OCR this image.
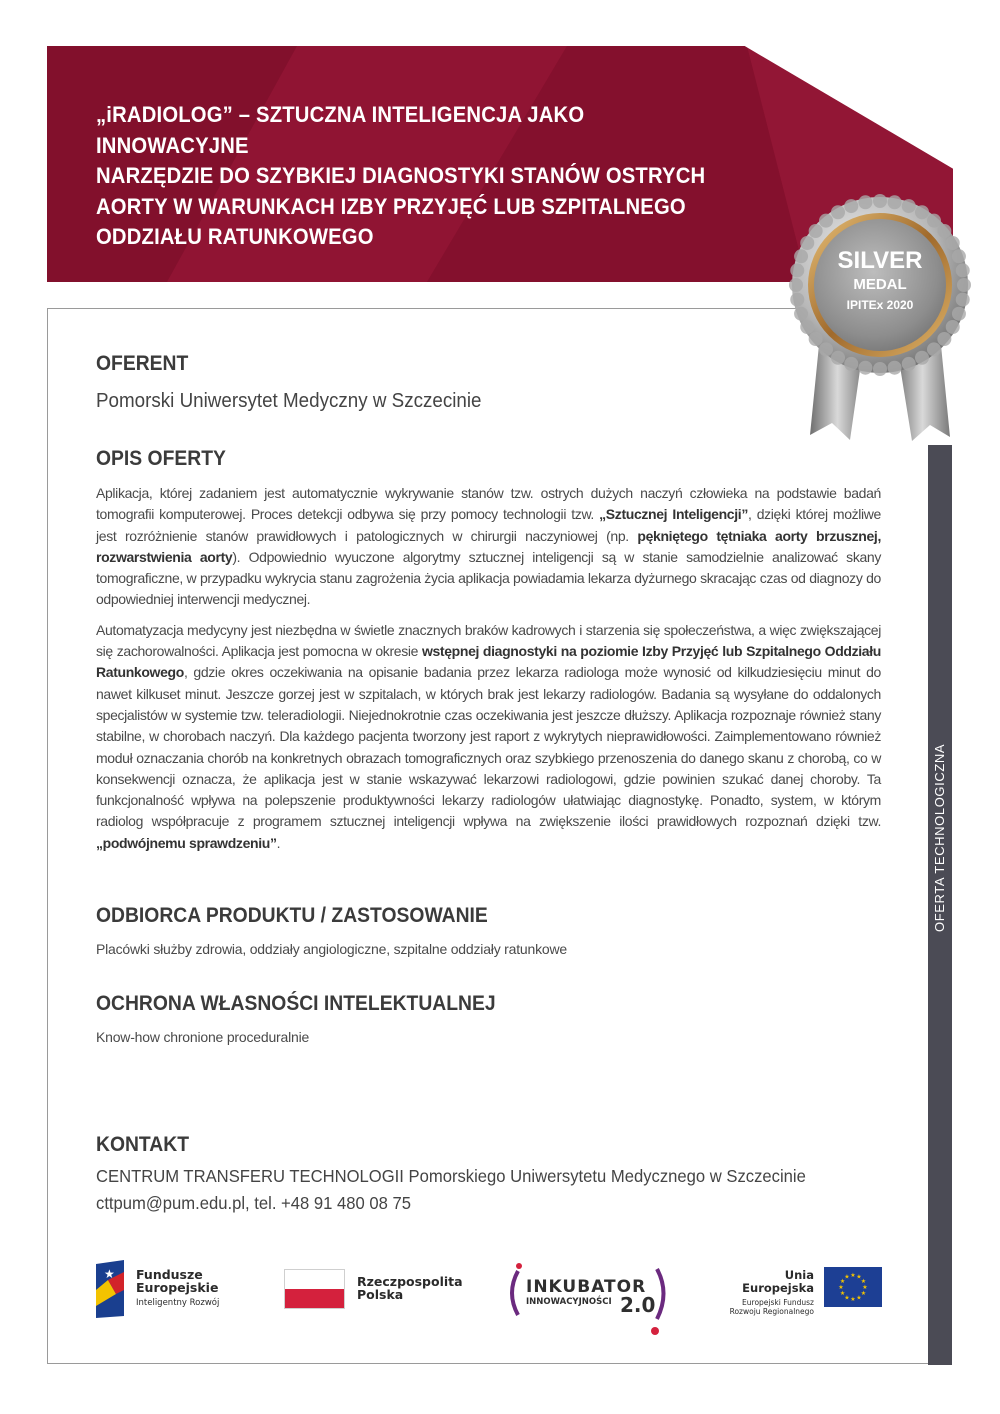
„iRADIOLOG” – SZTUCZNA INTELIGENCJA JAKO INNOWACYJNE
NARZĘDZIE DO SZYBKIEJ DIAGNOSTYKI STANÓW OSTRYCH
AORTY W WARUNKACH IZBY PRZYJĘĆ LUB SZPITALNEGO
ODDZIAŁU RATUNKOWEGO
OFERTA TECHNOLOGICZNA
SILVER
MEDAL
IPITEx 2020
OFERENT

Pomorski Uniwersytet Medyczny w Szczecinie

OPIS OFERTY

Aplikacja, której zadaniem jest automatycznie wykrywanie stanów tzw. ostrych dużych naczyń człowieka na podstawie badań tomografii komputerowej. Proces detekcji odbywa się przy pomocy technologii tzw. „Sztucznej Inteligencji”, dzięki której możliwe jest rozróżnienie stanów prawidłowych i patologicznych w chirurgii naczyniowej (np. pękniętego tętniaka aorty brzusznej, rozwarstwienia aorty). Odpowiednio wyuczone algorytmy sztucznej inteligencji są w stanie samodzielnie analizować skany tomograficzne, w przypadku wykrycia stanu zagrożenia życia aplikacja powiadamia lekarza dyżurnego skracając czas od diagnozy do odpowiedniej interwencji medycznej.

Automatyzacja medycyny jest niezbędna w świetle znacznych braków kadrowych i starzenia się społeczeństwa, a więc zwiększającej się zachorowalności. Aplikacja jest pomocna w okresie wstępnej diagnostyki na poziomie Izby Przyjęć lub Szpitalnego Oddziału Ratunkowego, gdzie okres oczekiwania na opisanie badania przez lekarza radiologa może wynosić od kilkudziesięciu minut do nawet kilkuset minut. Jeszcze gorzej jest w szpitalach, w których brak jest lekarzy radiologów. Badania są wysyłane do oddalonych specjalistów w systemie tzw. teleradiologii. Niejednokrotnie czas oczekiwania jest jeszcze dłuższy. Aplikacja rozpoznaje również stany stabilne, w chorobach naczyń. Dla każdego pacjenta tworzony jest raport z wykrytych nieprawidłowości. Zaimplementowano również moduł oznaczania chorób na konkretnych obrazach tomograficznych oraz szybkiego przenoszenia do danego skanu z chorobą, co w konsekwencji oznacza, że aplikacja jest w stanie wskazywać lekarzowi radiologowi, gdzie powinien szukać danej choroby. Ta funkcjonalność wpływa na polepszenie produktywności lekarzy radiologów ułatwiając diagnostykę. Ponadto, system, w którym radiolog współpracuje z programem sztucznej inteligencji wpływa na zwiększenie ilości prawidłowych rozpoznań dzięki tzw. „podwójnemu sprawdzeniu”.

ODBIORCA PRODUKTU / ZASTOSOWANIE

Placówki służby zdrowia, oddziały angiologiczne, szpitalne oddziały ratunkowe

OCHRONA WŁASNOŚCI INTELEKTUALNEJ

Know-how chronione proceduralnie

KONTAKT

CENTRUM TRANSFERU TECHNOLOGII Pomorskiego Uniwersytetu Medycznego w Szczecinie

cttpum@pum.edu.pl, tel. +48 91 480 08 75

★ Fundusze
Europejskie
Inteligentny Rozwój
Rzeczpospolita
Polska	INKUBATOR
INNOWACYJNOŚCI 2.0
Unia Europejska
Europejski Fundusz
Rozwoju Regionalnego
★
★
★
★
★
★
★
★
★ ★ ★
★
